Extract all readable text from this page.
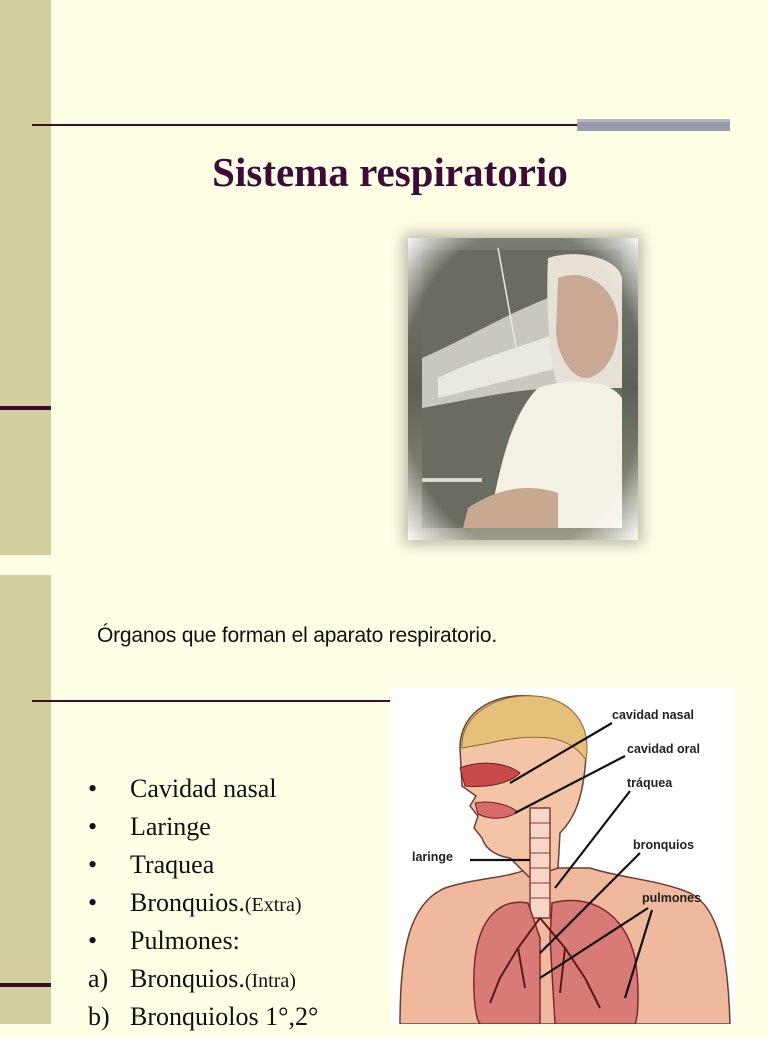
Sistema respiratorio
Órganos que forman el aparato respiratorio.
• Cavidad nasal
• Laringe
• Traquea
• Bronquios.(Extra)
• Pulmones:
a) Bronquios.(Intra)
b) Bronquiolos 1°,2°
cavidad nasal
cavidad oral
tráquea
laringe
bronquios
pulmones
